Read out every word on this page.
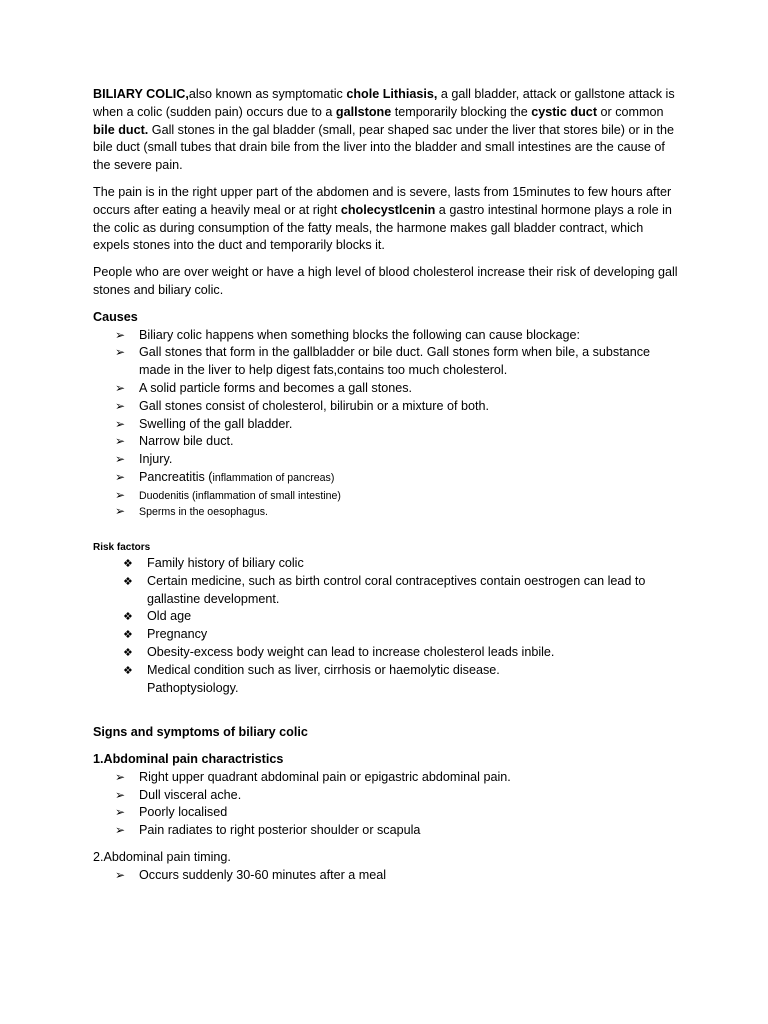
BILIARY COLIC,also known as symptomatic chole Lithiasis, a gall bladder, attack or gallstone attack is when a colic (sudden pain) occurs due to a gallstone temporarily blocking the cystic duct or common bile duct. Gall stones in the gal bladder (small, pear shaped sac under the liver that stores bile) or in the bile duct (small tubes that drain bile from the liver into the bladder and small intestines are the cause of the severe pain.

The pain is in the right upper part of the abdomen and is severe, lasts from 15minutes to few hours after occurs after eating a heavily meal or at right cholecystlcenin a gastro intestinal hormone plays a role in the colic as during consumption of the fatty meals, the harmone makes gall bladder contract, which expels stones into the duct and temporarily blocks it.

People who are over weight or have a high level of blood cholesterol increase their risk of developing gall stones and biliary colic.

Causes

➢ Biliary colic happens when something blocks the following can cause blockage:
➢ Gall stones that form in the gallbladder or bile duct. Gall stones form when bile, a substance made in the liver to help digest fats,contains too much cholesterol.
➢ A solid particle forms and becomes a gall stones.
➢ Gall stones consist of cholesterol, bilirubin or a mixture of both.
➢ Swelling of the gall bladder.
➢ Narrow bile duct.
➢ Injury.
➢ Pancreatitis (inflammation of pancreas)
➢ Duodenitis (inflammation of small intestine)
➢ Sperms in the oesophagus.

Risk factors

❖ Family history of biliary colic
❖ Certain medicine, such as birth control coral contraceptives contain oestrogen can lead to gallastine development.
❖ Old age
❖ Pregnancy
❖ Obesity-excess body weight can lead to increase cholesterol leads inbile.
❖ Medical condition such as liver, cirrhosis or haemolytic disease.

Pathoptysiology.

Signs and symptoms of biliary colic

1.Abdominal pain charactristics

➢ Right upper quadrant abdominal pain or epigastric abdominal pain.
➢ Dull visceral ache.
➢ Poorly localised
➢ Pain radiates to right posterior shoulder or scapula

2.Abdominal pain timing.

➢ Occurs suddenly 30-60 minutes after a meal
